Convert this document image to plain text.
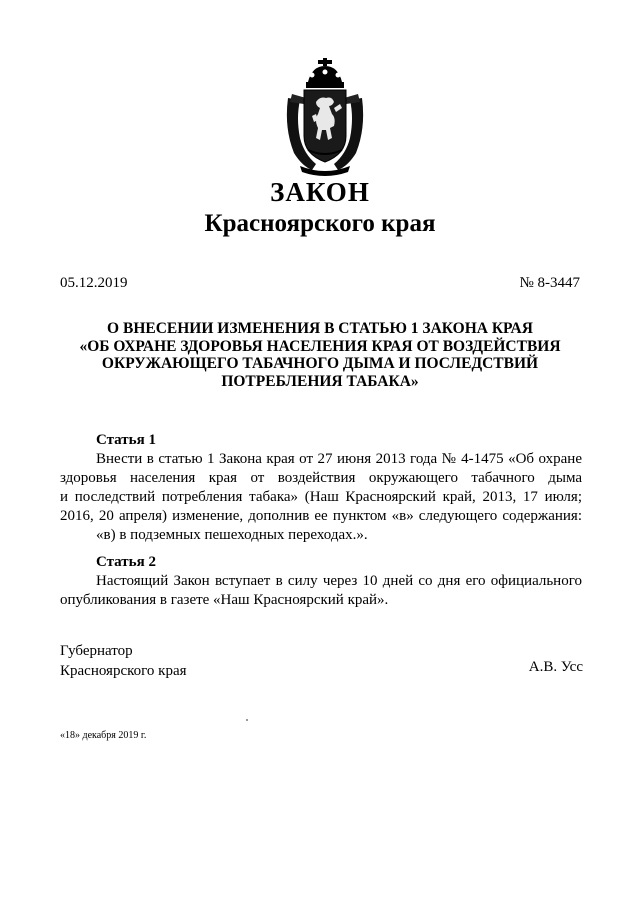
ЗАКОН
Красноярского края
05.12.2019	№ 8-3447
О ВНЕСЕНИИ ИЗМЕНЕНИЯ В СТАТЬЮ 1 ЗАКОНА КРАЯ
«ОБ ОХРАНЕ ЗДОРОВЬЯ НАСЕЛЕНИЯ КРАЯ ОТ ВОЗДЕЙСТВИЯ
ОКРУЖАЮЩЕГО ТАБАЧНОГО ДЫМА И ПОСЛЕДСТВИЙ
ПОТРЕБЛЕНИЯ ТАБАКА»
Статья 1
Внести в статью 1 Закона края от 27 июня 2013 года № 4-1475 «Об охране
здоровья населения края от воздействия окружающего табачного дыма
и последствий потребления табака» (Наш Красноярский край, 2013, 17 июля;
2016, 20 апреля) изменение, дополнив ее пунктом «в» следующего содержания:
«в) в подземных пешеходных переходах.».
Статья 2
Настоящий Закон вступает в силу через 10 дней со дня его официального
опубликования в газете «Наш Красноярский край».
Губернатор
Красноярского края	А.В. Усс
«18» декабря 2019 г.
